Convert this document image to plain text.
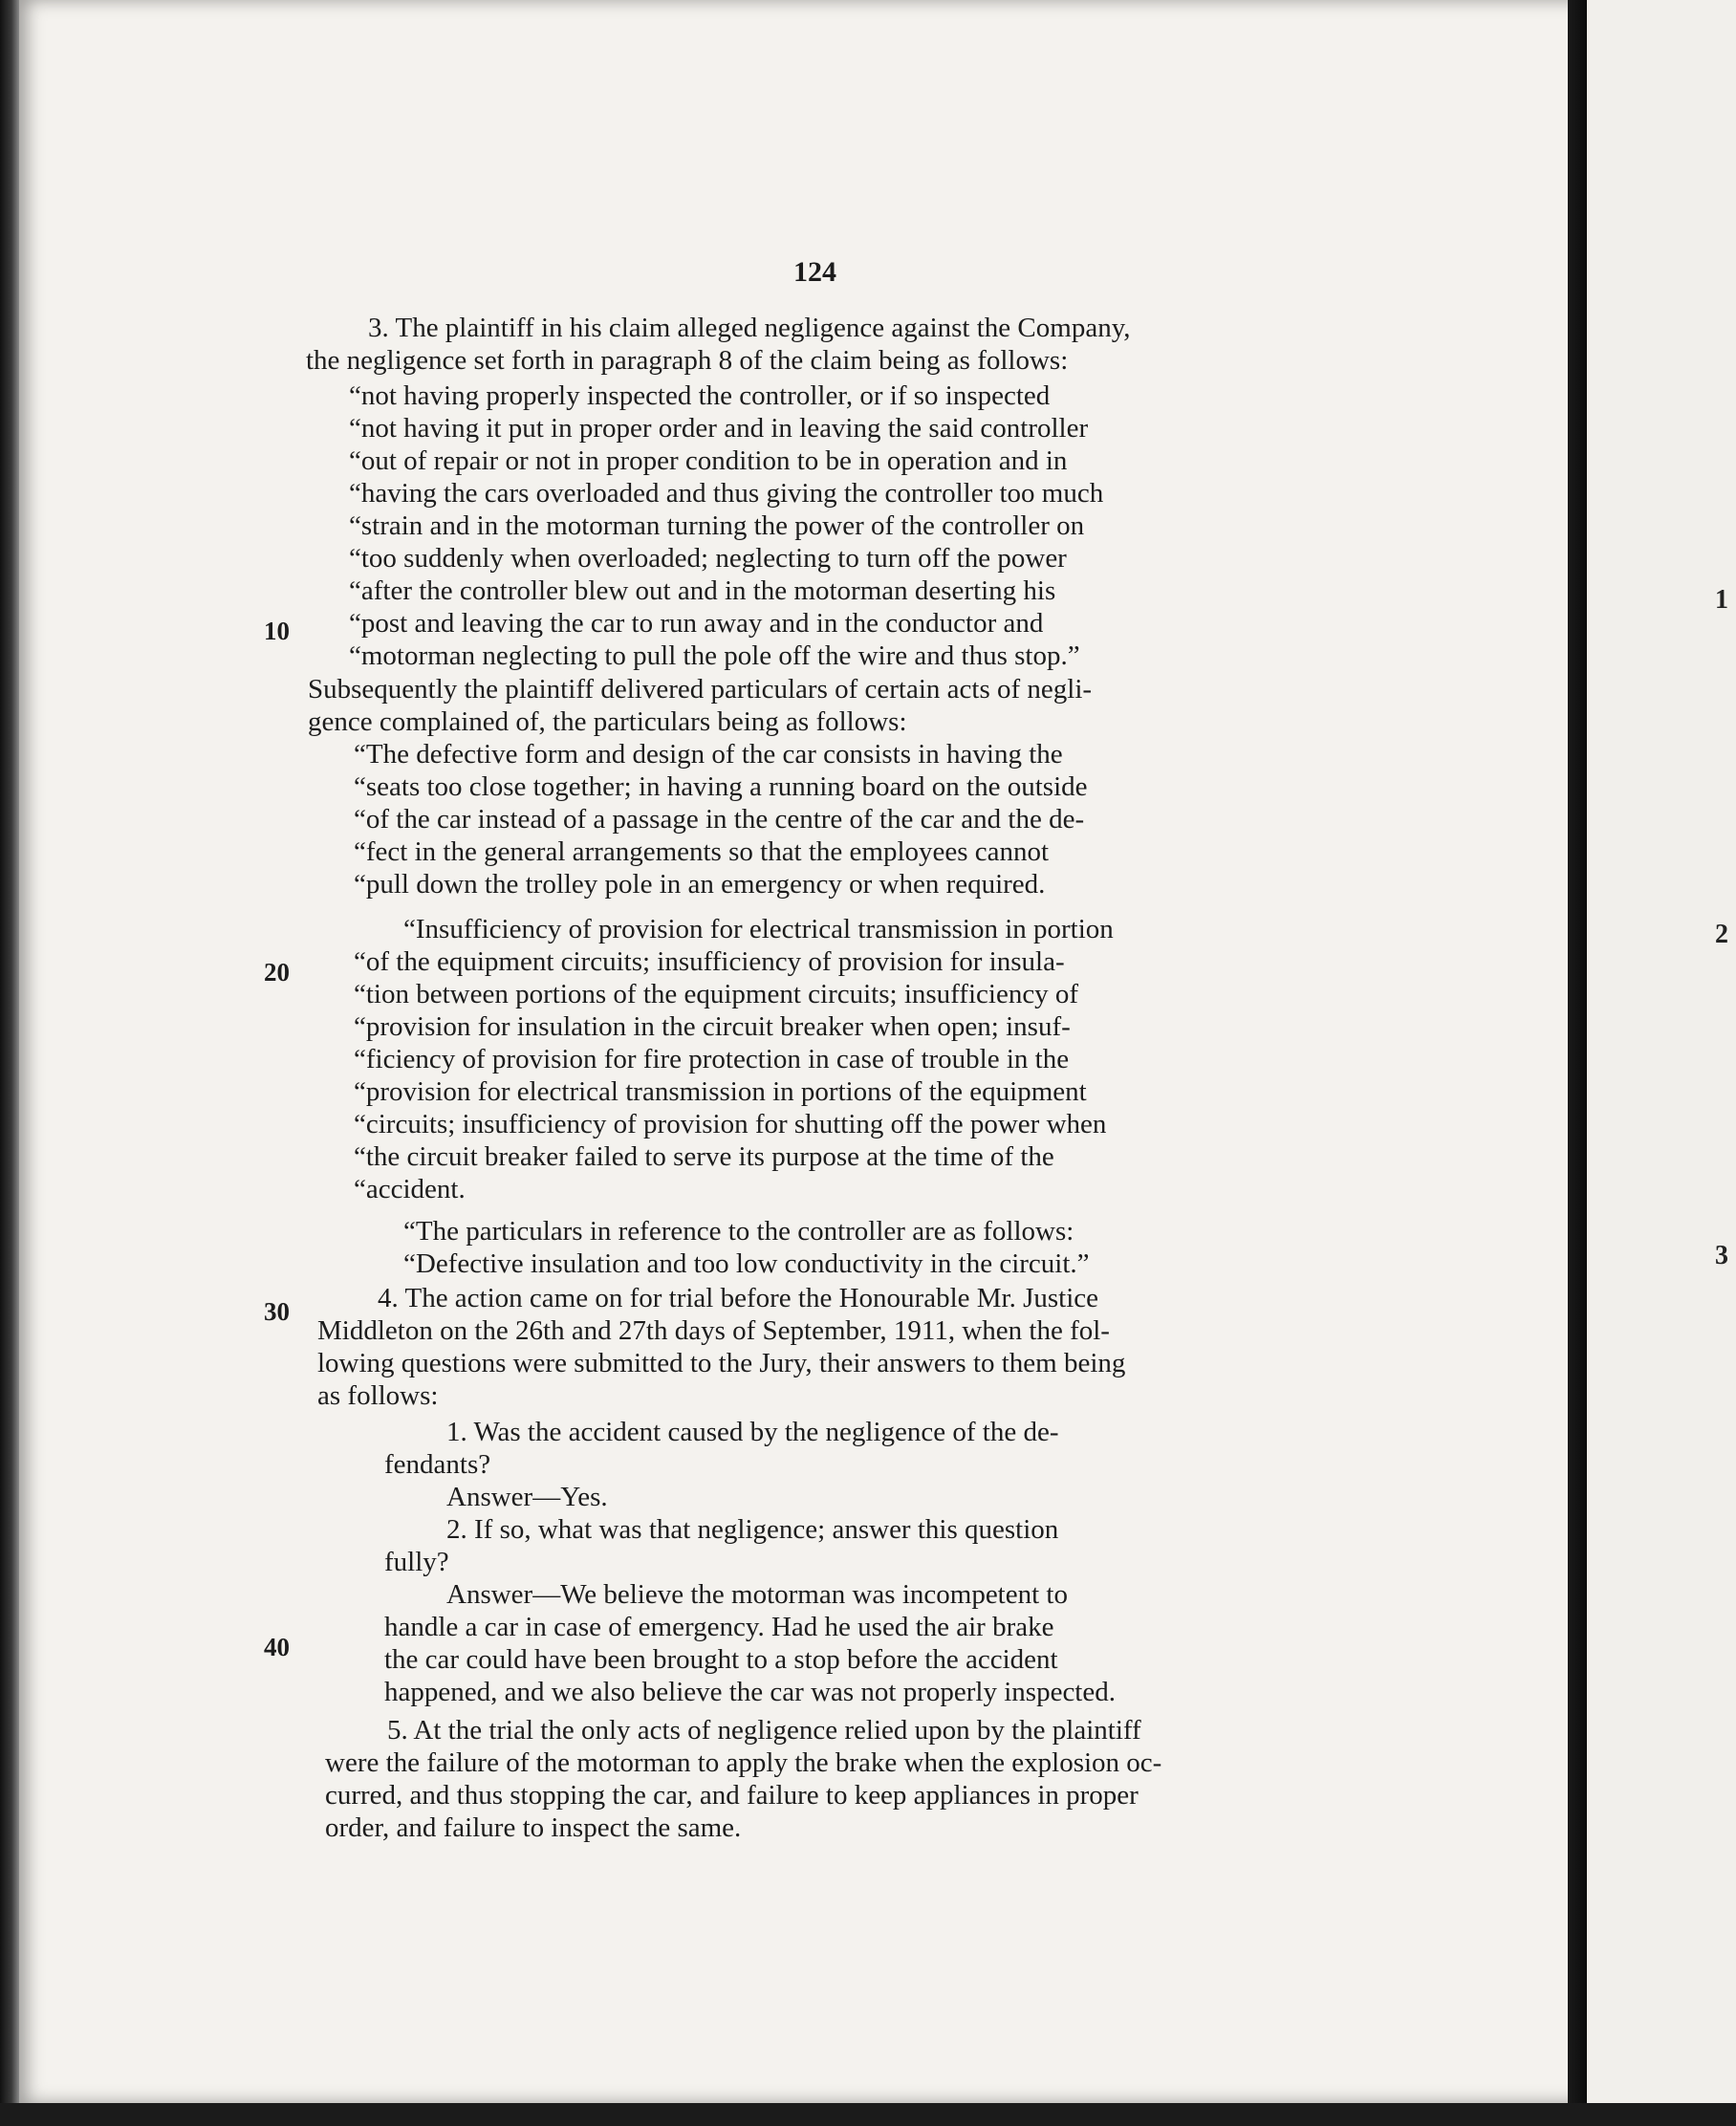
1
2
3
124
10
20
30
40
3. The plaintiff in his claim alleged negligence against the Company,
the negligence set forth in paragraph 8 of the claim being as follows:
“not having properly inspected the controller, or if so inspected
“not having it put in proper order and in leaving the said controller
“out of repair or not in proper condition to be in operation and in
“having the cars overloaded and thus giving the controller too much
“strain and in the motorman turning the power of the controller on
“too suddenly when overloaded; neglecting to turn off the power
“after the controller blew out and in the motorman deserting his
“post and leaving the car to run away and in the conductor and
“motorman neglecting to pull the pole off the wire and thus stop.”
Subsequently the plaintiff delivered particulars of certain acts of negli-
gence complained of, the particulars being as follows:
“The defective form and design of the car consists in having the
“seats too close together; in having a running board on the outside
“of the car instead of a passage in the centre of the car and the de-
“fect in the general arrangements so that the employees cannot
“pull down the trolley pole in an emergency or when required.
“Insufficiency of provision for electrical transmission in portion
“of the equipment circuits; insufficiency of provision for insula-
“tion between portions of the equipment circuits; insufficiency of
“provision for insulation in the circuit breaker when open; insuf-
“ficiency of provision for fire protection in case of trouble in the
“provision for electrical transmission in portions of the equipment
“circuits; insufficiency of provision for shutting off the power when
“the circuit breaker failed to serve its purpose at the time of the
“accident.
“The particulars in reference to the controller are as follows:
“Defective insulation and too low conductivity in the circuit.”
4. The action came on for trial before the Honourable Mr. Justice
Middleton on the 26th and 27th days of September, 1911, when the fol-
lowing questions were submitted to the Jury, their answers to them being
as follows:
1. Was the accident caused by the negligence of the de-
fendants?
Answer—Yes.
2. If so, what was that negligence; answer this question
fully?
Answer—We believe the motorman was incompetent to
handle a car in case of emergency. Had he used the air brake
the car could have been brought to a stop before the accident
happened, and we also believe the car was not properly inspected.
5. At the trial the only acts of negligence relied upon by the plaintiff
were the failure of the motorman to apply the brake when the explosion oc-
curred, and thus stopping the car, and failure to keep appliances in proper
order, and failure to inspect the same.
